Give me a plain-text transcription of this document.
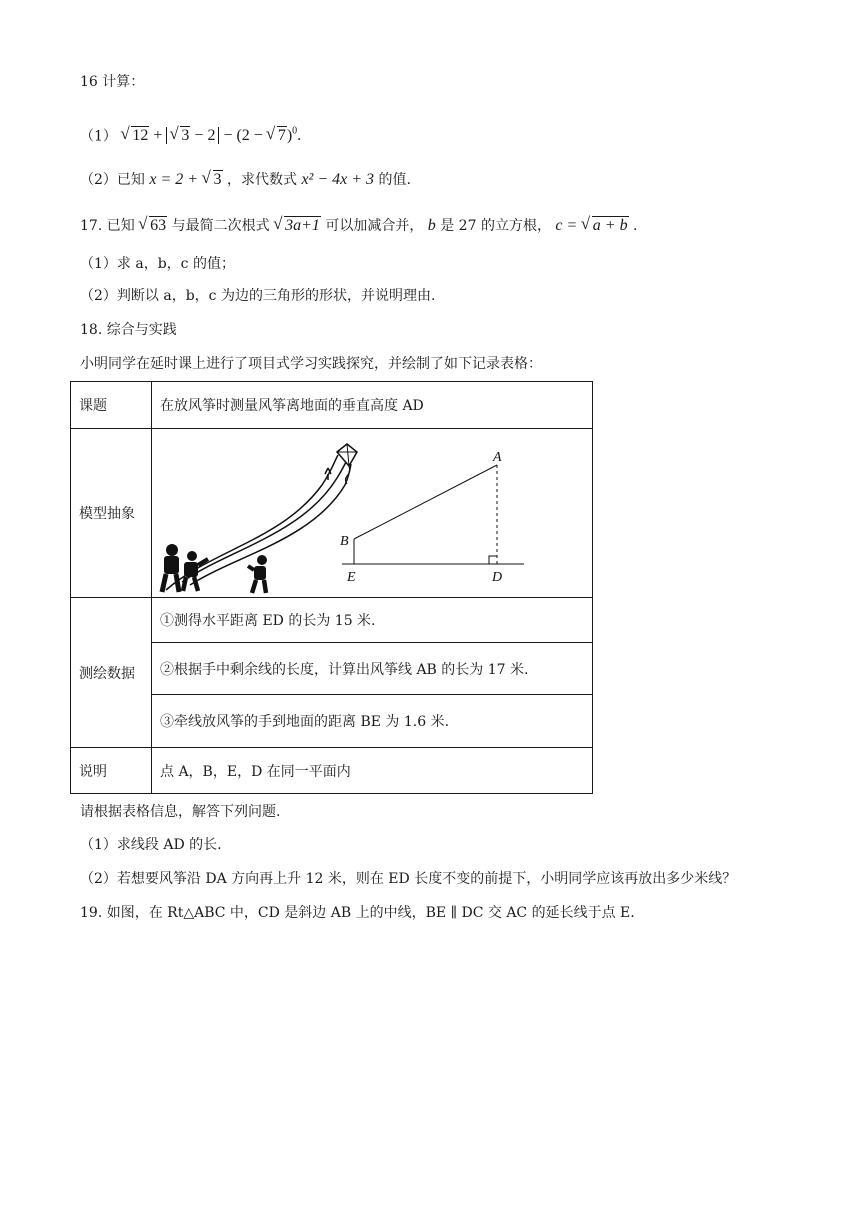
16 计算：
（1） √ 12 + √ 3 − 2 − (2 − √ 7)$^0$.
（2）已知 x = 2 + √ 3 ，求代数式 x² − 4x + 3 的值.
17. 已知 √ 63 与最简二次根式 √ 3a+1 可以加减合并， b 是 27 的立方根， c = √ a + b .
（1）求 a，b，c 的值；
（2）判断以 a，b，c 为边的三角形的形状，并说明理由.
18. 综合与实践
小明同学在延时课上进行了项目式学习实践探究，并绘制了如下记录表格：
课题	在放风筝时测量风筝离地面的垂直高度 AD
模型抽象	A
B
E D

测绘数据	①测得水平距离 ED 的长为 15 米.
	②根据手中剩余线的长度，计算出风筝线 AB 的长为 17 米.
	③牵线放风筝的手到地面的距离 BE 为 1.6 米.
说明	点 A，B，E，D 在同一平面内
请根据表格信息，解答下列问题.
（1）求线段 AD 的长.
（2）若想要风筝沿 DA 方向再上升 12 米，则在 ED 长度不变的前提下，小明同学应该再放出多少米线？
19. 如图，在 Rt△ABC 中，CD 是斜边 AB 上的中线，BE ∥ DC 交 AC 的延长线于点 E.
